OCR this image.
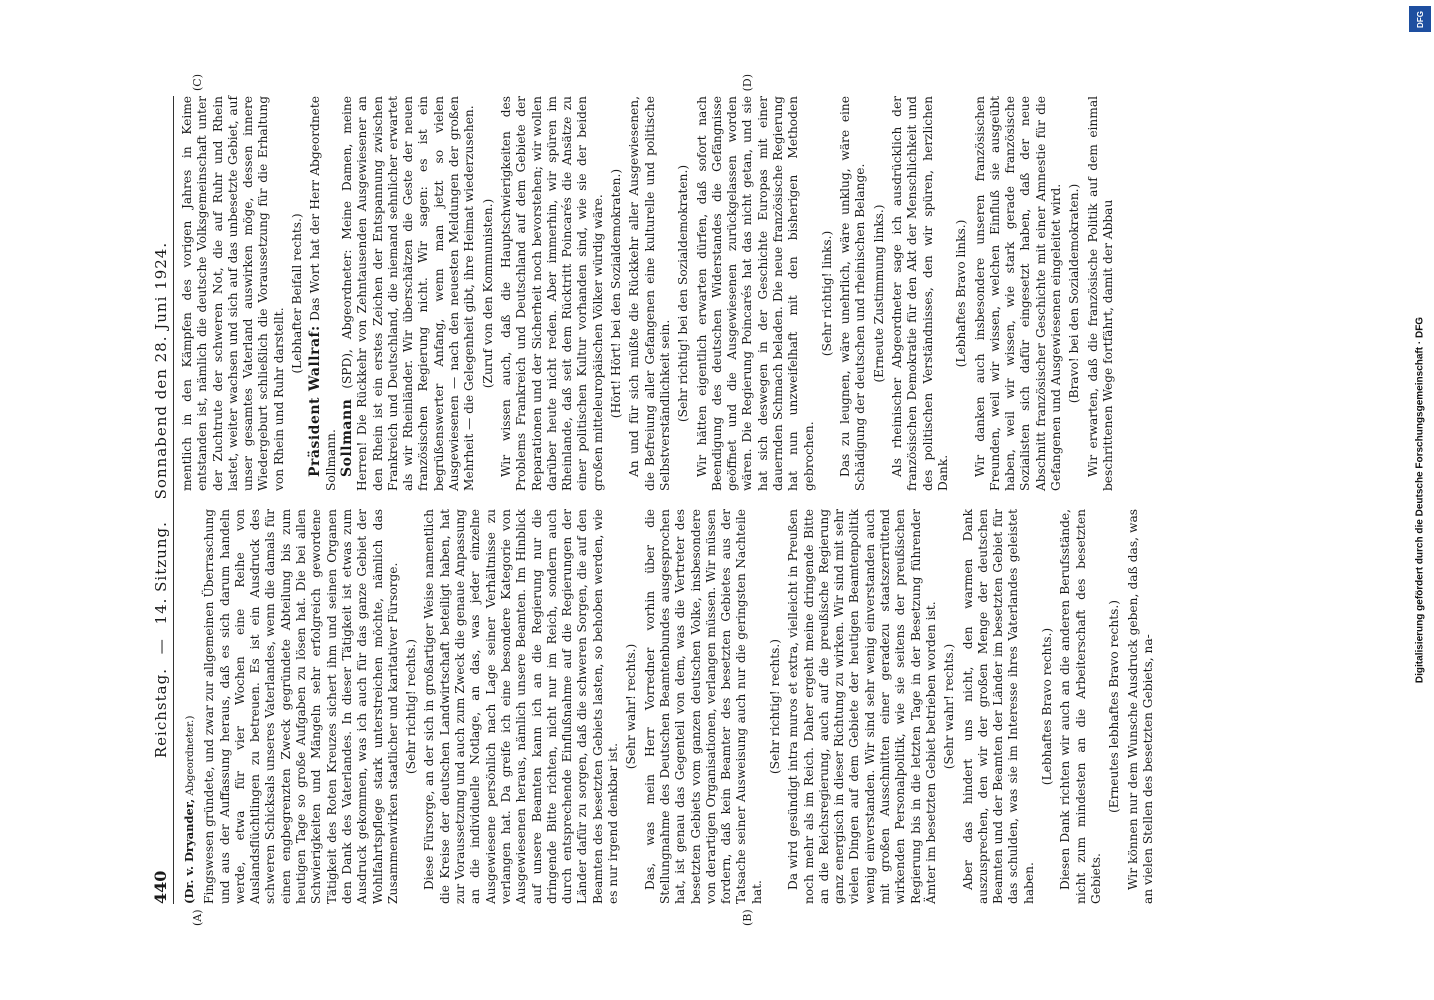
440
Reichstag. — 14. Sitzung. Sonnabend den 28. Juni 1924.
(A)	(B)
(Dr. v. Dryander, Abgeordneter.) Fingswesen gründete, und zwar zur allgemeinen Überraschung und aus der Auffassung heraus, daß es sich darum handeln werde, etwa für vier Wochen eine Reihe von Auslandsflüchtlingen zu betreuen. Es ist ein Ausdruck des schweren Schicksals unseres Vaterlandes, wenn die damals für einen engbegrenzten Zweck gegründete Abteilung bis zum heutigen Tage so große Aufgaben zu lösen hat. Die bei allen Schwierigkeiten und Mängeln sehr erfolgreich gewordene Tätigkeit des Roten Kreuzes sichert ihm und seinen Organen den Dank des Vaterlandes. In dieser Tätigkeit ist etwas zum Ausdruck gekommen, was ich auch für das ganze Gebiet der Wohlfahrtspflege stark unterstreichen möchte, nämlich das Zusammenwirken staatlicher und karitativer Fürsorge. (Sehr richtig! rechts.) Diese Fürsorge, an der sich in großartiger Weise namentlich die Kreise der deutschen Landwirtschaft beteiligt haben, hat zur Voraussetzung und auch zum Zweck die genaue Anpassung an die individuelle Notlage, an das, was jeder einzelne Ausgewiesene persönlich nach Lage seiner Verhältnisse zu verlangen hat. Da greife ich eine besondere Kategorie von Ausgewiesenen heraus, nämlich unsere Beamten. Im Hinblick auf unsere Beamten kann ich an die Regierung nur die dringende Bitte richten, nicht nur im Reich, sondern auch durch entsprechende Einflußnahme auf die Regierungen der Länder dafür zu sorgen, daß die schweren Sorgen, die auf den Beamten des besetzten Gebiets lasten, so behoben werden, wie es nur irgend denkbar ist.

(Sehr wahr! rechts.) Das, was mein Herr Vorredner vorhin über die Stellungnahme des Deutschen Beamtenbundes ausgesprochen hat, ist genau das Gegenteil von dem, was die Vertreter des besetzten Gebiets vom ganzen deutschen Volke, insbesondere von derartigen Organisationen, verlangen müssen. Wir müssen fordern, daß kein Beamter des besetzten Gebietes aus der Tatsache seiner Ausweisung auch nur die geringsten Nachteile hat.

(Sehr richtig! rechts.) Da wird gesündigt intra muros et extra, vielleicht in Preußen noch mehr als im Reich. Daher ergeht meine dringende Bitte an die Reichsregierung, auch auf die preußische Regierung ganz energisch in dieser Richtung zu wirken. Wir sind mit sehr vielen Dingen auf dem Gebiete der heutigen Beamtenpolitik wenig einverstanden. Wir sind sehr wenig einverstanden auch mit großen Ausschnitten einer geradezu staatszerrüttend wirkenden Personalpolitik, wie sie seitens der preußischen Regierung bis in die letzten Tage in der Besetzung führender Ämter im besetzten Gebiet betrieben worden ist. (Sehr wahr! rechts.) Aber das hindert uns nicht, den warmen Dank auszusprechen, den wir der großen Menge der deutschen Beamten und der Beamten der Länder im besetzten Gebiet für das schulden, was sie im Interesse ihres Vaterlandes geleistet haben.

(Lebhaftes Bravo rechts.) Diesen Dank richten wir auch an die anderen Berufsstände, nicht zum mindesten an die Arbeiterschaft des besetzten Gebiets.

(Erneutes lebhaftes Bravo rechts.) Wir können nur dem Wunsche Ausdruck geben, daß das, was an vielen Stellen des besetzten Gebiets, na-

(C)	(D)

mentlich in den Kämpfen des vorigen Jahres in Keime entstanden ist, nämlich die deutsche Volksgemeinschaft unter der Zuchtrute der schweren Not, die auf Ruhr und Rhein lastet, weiter wachsen und sich auf das unbesetzte Gebiet, auf unser gesamtes Vaterland auswirken möge, dessen innere Wiedergeburt schließlich die Voraussetzung für die Erhaltung von Rhein und Ruhr darstellt.

(Lebhafter Beifall rechts.)

Präsident Wallraf: Das Wort hat der Herr Abgeordnete Sollmann. Sollmann (SPD), Abgeordneter: Meine Damen, meine Herren! Die Rückkehr von Zehntausenden Ausgewiesener an den Rhein ist ein erstes Zeichen der Entspannung zwischen Frankreich und Deutschland, die niemand sehnlicher erwartet als wir Rheinländer. Wir überschätzen die Geste der neuen französischen Regierung nicht. Wir sagen: es ist ein begrüßenswerter Anfang, wenn man jetzt so vielen Ausgewiesenen — nach den neuesten Meldungen der großen Mehrheit — die Gelegenheit gibt, ihre Heimat wiederzusehen. (Zuruf von den Kommunisten.) Wir wissen auch, daß die Hauptschwierigkeiten des Problems Frankreich und Deutschland auf dem Gebiete der Reparationen und der Sicherheit noch bevorstehen; wir wollen darüber heute nicht reden. Aber immerhin, wir spüren im Rheinlande, daß seit dem Rücktritt Poincarés die Ansätze zu einer politischen Kultur vorhanden sind, wie sie der beiden großen mitteleuropäischen Völker würdig wäre. (Hört! Hört! bei den Sozialdemokraten.) An und für sich müßte die Rückkehr aller Ausgewiesenen, die Befreiung aller Gefangenen eine kulturelle und politische Selbstverständlichkeit sein. (Sehr richtig! bei den Sozialdemokraten.) Wir hätten eigentlich erwarten dürfen, daß sofort nach Beendigung des deutschen Widerstandes die Gefängnisse geöffnet und die Ausgewiesenen zurückgelassen worden wären. Die Regierung Poincarés hat das nicht getan, und sie hat sich deswegen in der Geschichte Europas mit einer dauernden Schmach beladen. Die neue französische Regierung hat nun unzweifelhaft mit den bisherigen Methoden gebrochen.

(Sehr richtig! links.) Das zu leugnen, wäre unehrlich, wäre unklug, wäre eine Schädigung der deutschen und rheinischen Belange. (Erneute Zustimmung links.) Als rheinischer Abgeordneter sage ich ausdrücklich der französischen Demokratie für den Akt der Menschlichkeit und des politischen Verständnisses, den wir spüren, herzlichen Dank.

(Lebhaftes Bravo links.) Wir danken auch insbesondere unseren französischen Freunden, weil wir wissen, welchen Einfluß sie ausgeübt haben, weil wir wissen, wie stark gerade französische Sozialisten sich dafür eingesetzt haben, daß der neue Abschnitt französischer Geschichte mit einer Amnestie für die Gefangenen und Ausgewiesenen eingeleitet wird. (Bravo! bei den Sozialdemokraten.) Wir erwarten, daß die französische Politik auf dem einmal beschrittenen Wege fortfährt, damit der Abbau

DFG
Digitalisierung gefördert durch die Deutsche Forschungsgemeinschaft · DFG
